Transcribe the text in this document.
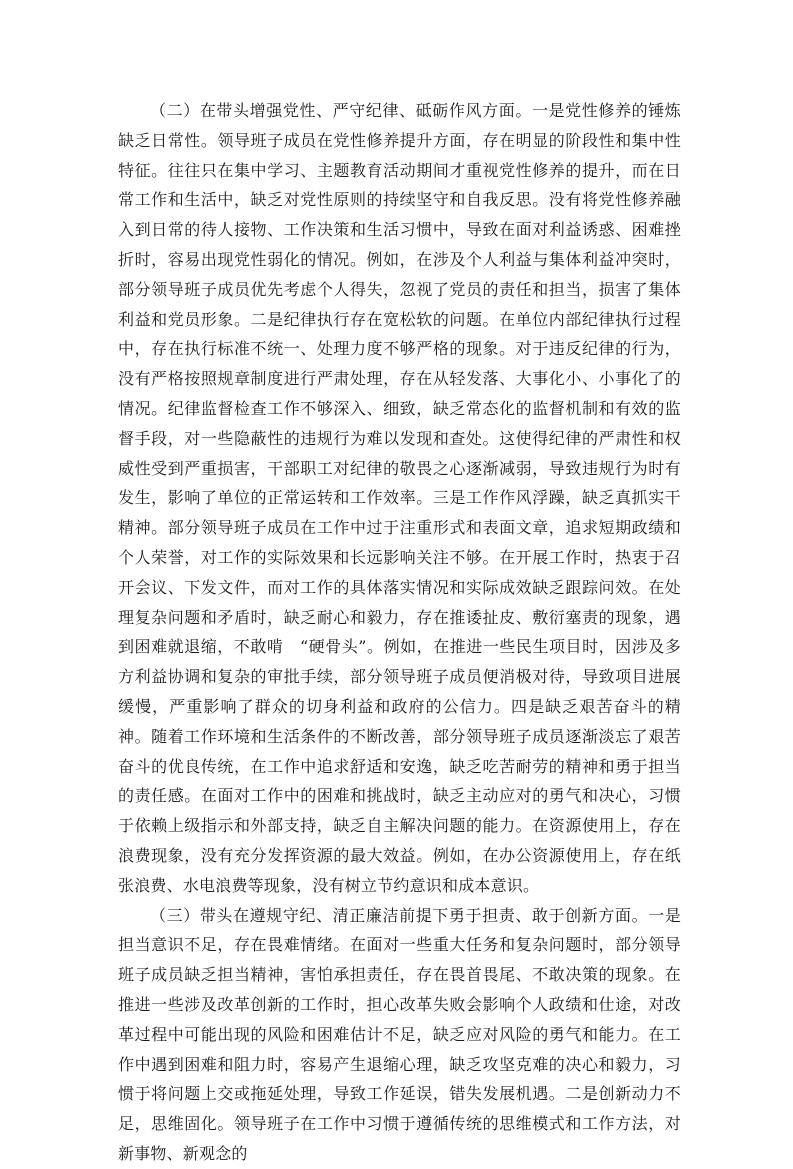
（二）在带头增强党性、严守纪律、砥砺作风方面。一是党性修养的锤炼缺乏日常性。领导班子成员在党性修养提升方面，存在明显的阶段性和集中性特征。往往只在集中学习、主题教育活动期间才重视党性修养的提升，而在日常工作和生活中，缺乏对党性原则的持续坚守和自我反思。没有将党性修养融入到日常的待人接物、工作决策和生活习惯中，导致在面对利益诱惑、困难挫折时，容易出现党性弱化的情况。例如，在涉及个人利益与集体利益冲突时，部分领导班子成员优先考虑个人得失，忽视了党员的责任和担当，损害了集体利益和党员形象。二是纪律执行存在宽松软的问题。在单位内部纪律执行过程中，存在执行标准不统一、处理力度不够严格的现象。对于违反纪律的行为，没有严格按照规章制度进行严肃处理，存在从轻发落、大事化小、小事化了的情况。纪律监督检查工作不够深入、细致，缺乏常态化的监督机制和有效的监督手段，对一些隐蔽性的违规行为难以发现和查处。这使得纪律的严肃性和权威性受到严重损害，干部职工对纪律的敬畏之心逐渐减弱，导致违规行为时有发生，影响了单位的正常运转和工作效率。三是工作作风浮躁，缺乏真抓实干精神。部分领导班子成员在工作中过于注重形式和表面文章，追求短期政绩和个人荣誉，对工作的实际效果和长远影响关注不够。在开展工作时，热衷于召开会议、下发文件，而对工作的具体落实情况和实际成效缺乏跟踪问效。在处理复杂问题和矛盾时，缺乏耐心和毅力，存在推诿扯皮、敷衍塞责的现象，遇到困难就退缩，不敢啃　“硬骨头”。例如，在推进一些民生项目时，因涉及多方利益协调和复杂的审批手续，部分领导班子成员便消极对待，导致项目进展缓慢，严重影响了群众的切身利益和政府的公信力。四是缺乏艰苦奋斗的精神。随着工作环境和生活条件的不断改善，部分领导班子成员逐渐淡忘了艰苦奋斗的优良传统，在工作中追求舒适和安逸，缺乏吃苦耐劳的精神和勇于担当的责任感。在面对工作中的困难和挑战时，缺乏主动应对的勇气和决心，习惯于依赖上级指示和外部支持，缺乏自主解决问题的能力。在资源使用上，存在浪费现象，没有充分发挥资源的最大效益。例如，在办公资源使用上，存在纸张浪费、水电浪费等现象，没有树立节约意识和成本意识。

（三）带头在遵规守纪、清正廉洁前提下勇于担责、敢于创新方面。一是担当意识不足，存在畏难情绪。在面对一些重大任务和复杂问题时，部分领导班子成员缺乏担当精神，害怕承担责任，存在畏首畏尾、不敢决策的现象。在推进一些涉及改革创新的工作时，担心改革失败会影响个人政绩和仕途，对改革过程中可能出现的风险和困难估计不足，缺乏应对风险的勇气和能力。在工作中遇到困难和阻力时，容易产生退缩心理，缺乏攻坚克难的决心和毅力，习惯于将问题上交或拖延处理，导致工作延误，错失发展机遇。二是创新动力不足，思维固化。领导班子在工作中习惯于遵循传统的思维模式和工作方法，对新事物、新观念的
